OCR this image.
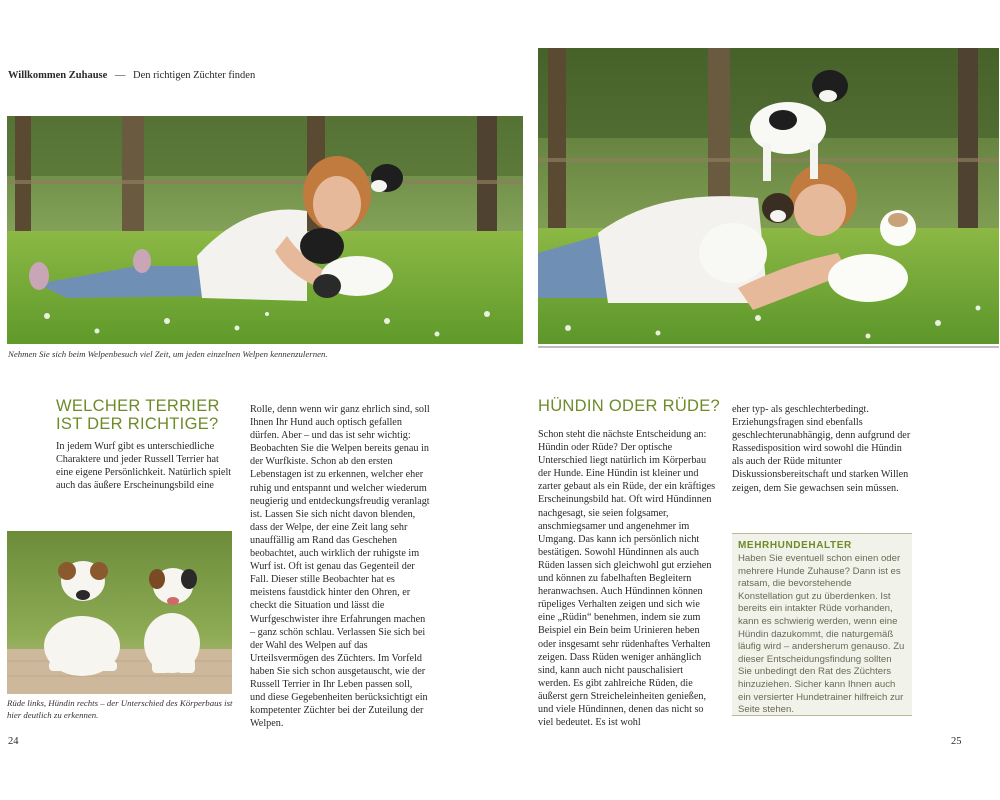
Willkommen Zuhause — Den richtigen Züchter finden
Nehmen Sie sich beim Welpenbesuch viel Zeit, um jeden einzelnen Welpen kennenzulernen.
WELCHER TERRIER
IST DER RICHTIGE?
In jedem Wurf gibt es unterschiedliche Charaktere und jeder Russell Terrier hat eine eigene Persönlichkeit. Natürlich spielt auch das äußere Erscheinungsbild eine
Rolle, denn wenn wir ganz ehrlich sind, soll Ihnen Ihr Hund auch optisch gefallen dürfen. Aber – und das ist sehr wichtig: Beobachten Sie die Welpen bereits genau in der Wurfkiste. Schon ab den ersten Lebenstagen ist zu erkennen, welcher eher ruhig und entspannt und welcher wiederum neugierig und entdeckungsfreudig veranlagt ist. Lassen Sie sich nicht davon blenden, dass der Welpe, der eine Zeit lang sehr unauffällig am Rand das Geschehen beobachtet, auch wirklich der ruhigste im Wurf ist. Oft ist genau das Gegenteil der Fall. Dieser stille Beobachter hat es meistens faustdick hinter den Ohren, er checkt die Situation und lässt die Wurfgeschwister ihre Erfahrungen machen – ganz schön schlau. Verlassen Sie sich bei der Wahl des Welpen auf das Urteilsvermögen des Züchters. Im Vorfeld haben Sie sich schon ausgetauscht, wie der Russell Terrier in Ihr Leben passen soll, und diese Gegebenheiten berücksichtigt ein kompetenter Züchter bei der Zuteilung der Welpen.
Rüde links, Hündin rechts – der Unterschied des Körperbaus ist hier deutlich zu erkennen.
24
HÜNDIN ODER RÜDE?
Schon steht die nächste Entscheidung an: Hündin oder Rüde? Der optische Unterschied liegt natürlich im Körperbau der Hunde. Eine Hündin ist kleiner und zarter gebaut als ein Rüde, der ein kräftiges Erscheinungsbild hat. Oft wird Hündinnen nachgesagt, sie seien folgsamer, anschmiegsamer und angenehmer im Umgang. Das kann ich persönlich nicht bestätigen. Sowohl Hündinnen als auch Rüden lassen sich gleichwohl gut erziehen und können zu fabelhaften Begleitern heranwachsen. Auch Hündinnen können rüpeliges Verhalten zeigen und sich wie eine „Rüdin“ benehmen, indem sie zum Beispiel ein Bein beim Urinieren heben oder insgesamt sehr rüdenhaftes Verhalten zeigen. Dass Rüden weniger anhänglich sind, kann auch nicht pauschalisiert werden. Es gibt zahlreiche Rüden, die äußerst gern Streicheleinheiten genießen, und viele Hündinnen, denen das nicht so viel bedeutet. Es ist wohl
eher typ- als geschlechterbedingt. Erziehungsfragen sind ebenfalls geschlechterunabhängig, denn aufgrund der Rassedisposition wird sowohl die Hündin als auch der Rüde mitunter Diskussionsbereitschaft und starken Willen zeigen, dem Sie gewachsen sein müssen.
MEHRHUNDEHALTER
Haben Sie eventuell schon einen oder mehrere Hunde Zuhause? Dann ist es ratsam, die bevorstehende Konstellation gut zu überdenken. Ist bereits ein intakter Rüde vorhanden, kann es schwierig werden, wenn eine Hündin dazukommt, die naturgemäß läufig wird – andersherum genauso. Zu dieser Entscheidungsfindung sollten Sie unbedingt den Rat des Züchters hinzuziehen. Sicher kann Ihnen auch ein versierter Hundetrainer hilfreich zur Seite stehen.
25
